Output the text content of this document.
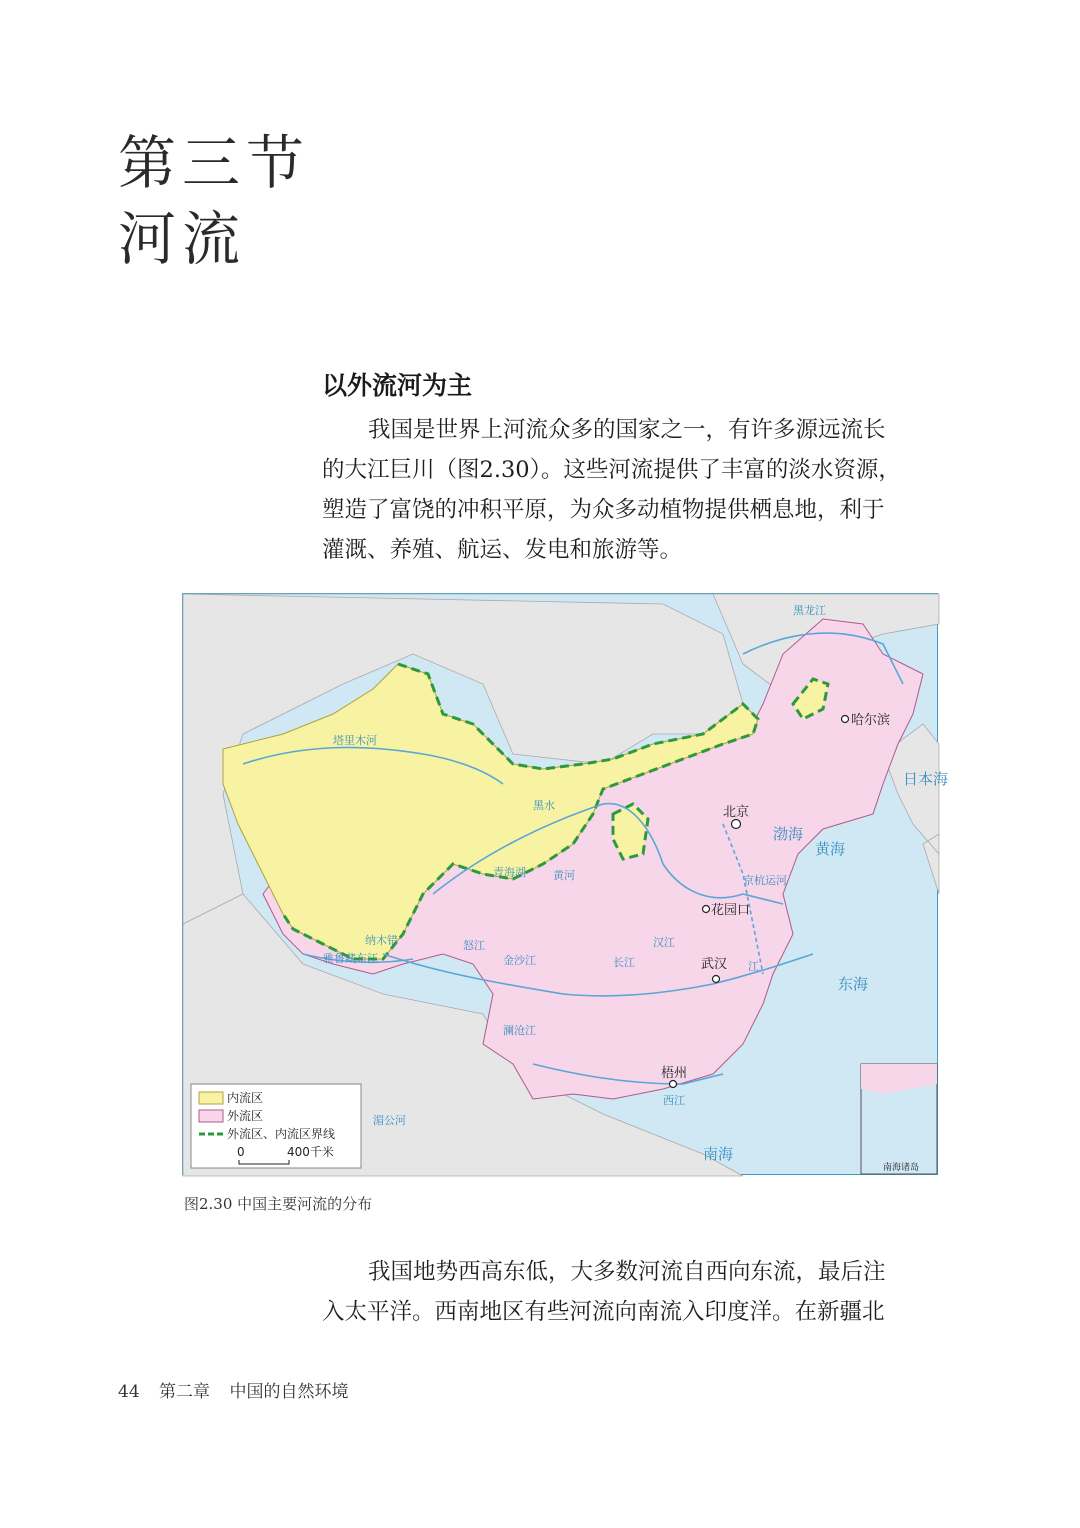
第三节
河流
以外流河为主
我国是世界上河流众多的国家之一，有许多源远流长
的大江巨川（图2.30）。这些河流提供了丰富的淡水资源，
塑造了富饶的冲积平原，为众多动植物提供栖息地，利于
灌溉、养殖、航运、发电和旅游等。
哈尔滨
北京
花园口
武汉
梧州
渤海
黄海
东海
南海
日本海
塔里木河
黑水
黄河
长江
怒江
雅鲁藏布江	金沙江
澜沧江
黑龙江
西江
汉江
京杭运河
江
湄公河
青海湖
纳木错
内流区
外流区
外流区、内流区界线
0	400千米
南海诸岛
图2.30 中国主要河流的分布
我国地势西高东低，大多数河流自西向东流，最后注
入太平洋。西南地区有些河流向南流入印度洋。在新疆北
44 第二章 中国的自然环境
